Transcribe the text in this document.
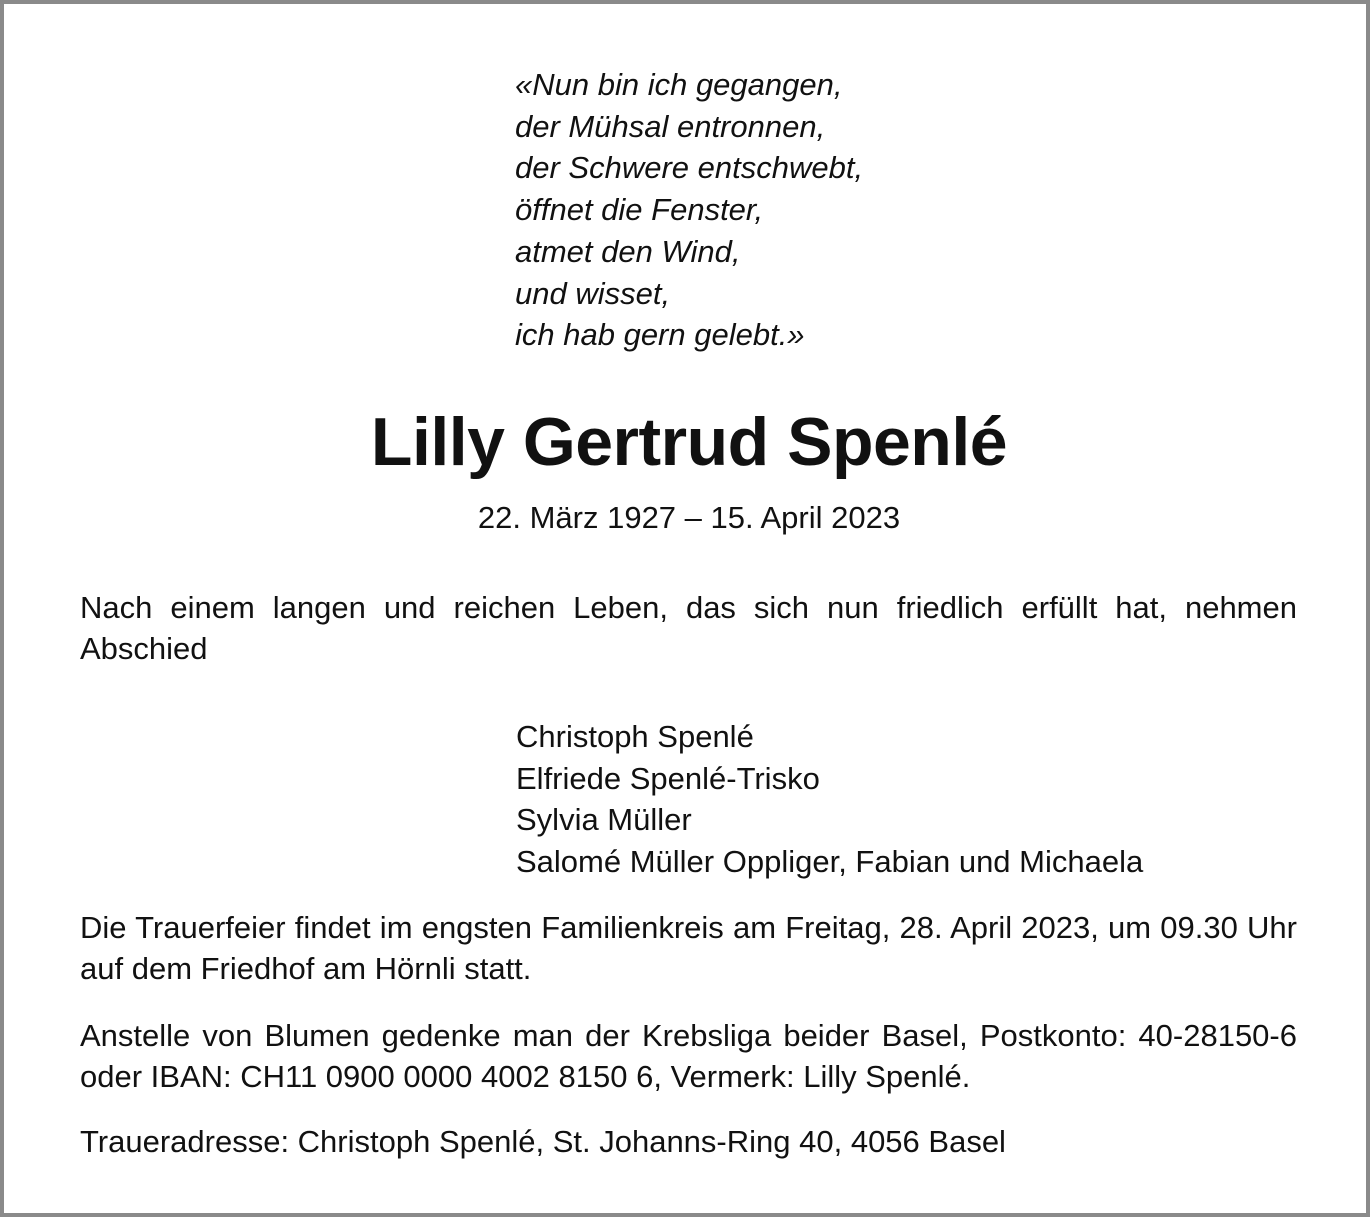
«Nun bin ich gegangen,
der Mühsal entronnen,
der Schwere entschwebt,
öffnet die Fenster,
atmet den Wind,
und wisset,
ich hab gern gelebt.»
Lilly Gertrud Spenlé

22. März 1927 – 15. April 2023

Nach einem langen und reichen Leben, das sich nun friedlich erfüllt hat, nehmen Abschied

Christoph Spenlé
Elfriede Spenlé-Trisko
Sylvia Müller
Salomé Müller Oppliger, Fabian und Michaela

Die Trauerfeier findet im engsten Familienkreis am Freitag, 28. April 2023, um 09.30 Uhr auf dem Friedhof am Hörnli statt.

Anstelle von Blumen gedenke man der Krebsliga beider Basel, Postkonto: 40-28150-6 oder IBAN: CH11 0900 0000 4002 8150 6, Vermerk: Lilly Spenlé.

Traueradresse: Christoph Spenlé, St. Johanns-Ring 40, 4056 Basel
